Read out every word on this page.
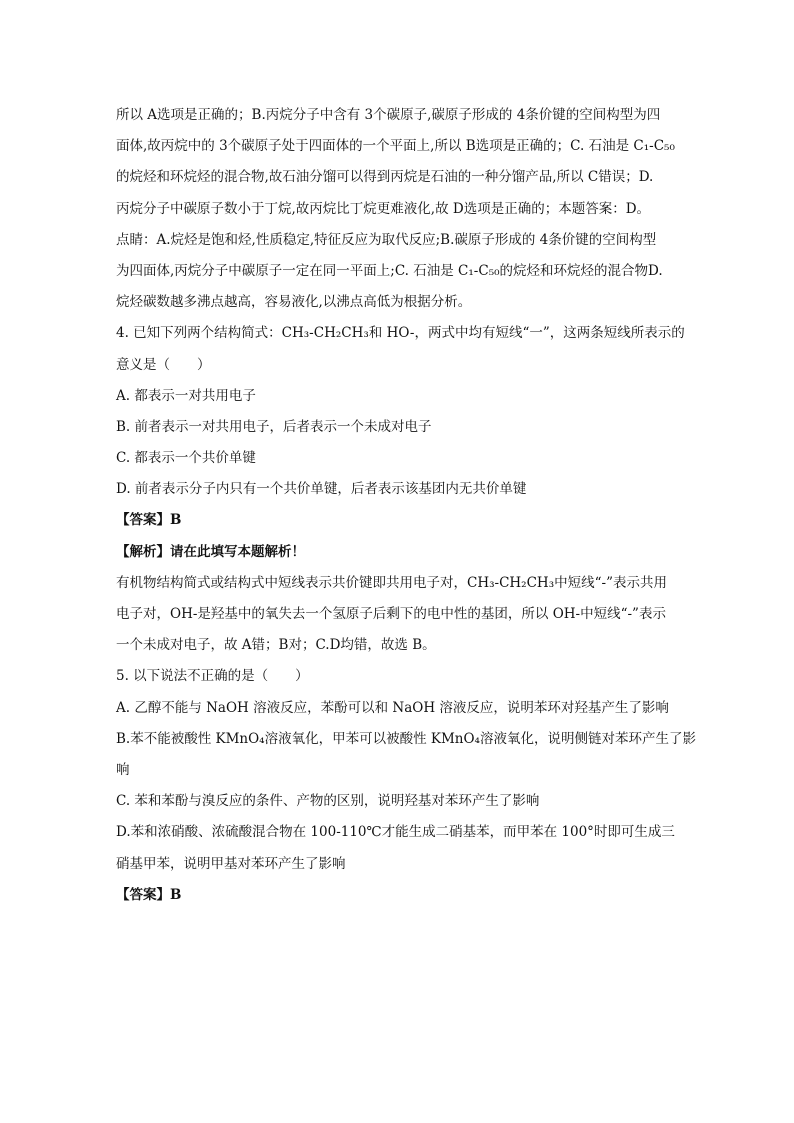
所以 A选项是正确的；B.丙烷分子中含有 3个碳原子,碳原子形成的 4条价键的空间构型为四
面体,故丙烷中的 3个碳原子处于四面体的一个平面上,所以 B选项是正确的；C. 石油是 C₁-C₅₀
的烷烃和环烷烃的混合物,故石油分馏可以得到丙烷是石油的一种分馏产品,所以 C错误；D.
丙烷分子中碳原子数小于丁烷,故丙烷比丁烷更难液化,故 D选项是正确的；本题答案：D。
点睛：A.烷烃是饱和烃,性质稳定,特征反应为取代反应;B.碳原子形成的 4条价键的空间构型
为四面体,丙烷分子中碳原子一定在同一平面上;C. 石油是 C₁-C₅₀的烷烃和环烷烃的混合物D.
烷烃碳数越多沸点越高，容易液化,以沸点高低为根据分析。
4. 已知下列两个结构简式：CH₃-CH₂CH₃和 HO-，两式中均有短线“一”，这两条短线所表示的
意义是（　　）
A. 都表示一对共用电子
B. 前者表示一对共用电子，后者表示一个未成对电子
C. 都表示一个共价单键
D. 前者表示分子内只有一个共价单键，后者表示该基团内无共价单键
【答案】B
【解析】请在此填写本题解析！
有机物结构简式或结构式中短线表示共价键即共用电子对，CH₃-CH₂CH₃中短线“-”表示共用
电子对，OH-是羟基中的氧失去一个氢原子后剩下的电中性的基团，所以 OH-中短线“-”表示
一个未成对电子，故 A错；B对；C.D均错，故选 B。
5. 以下说法不正确的是（　　）
A. 乙醇不能与 NaOH 溶液反应，苯酚可以和 NaOH 溶液反应，说明苯环对羟基产生了影响
B.苯不能被酸性 KMnO₄溶液氧化，甲苯可以被酸性 KMnO₄溶液氧化，说明侧链对苯环产生了影
响
C. 苯和苯酚与溴反应的条件、产物的区别，说明羟基对苯环产生了影响
D.苯和浓硝酸、浓硫酸混合物在 100-110℃才能生成二硝基苯，而甲苯在 100°时即可生成三
硝基甲苯，说明甲基对苯环产生了影响
【答案】B
